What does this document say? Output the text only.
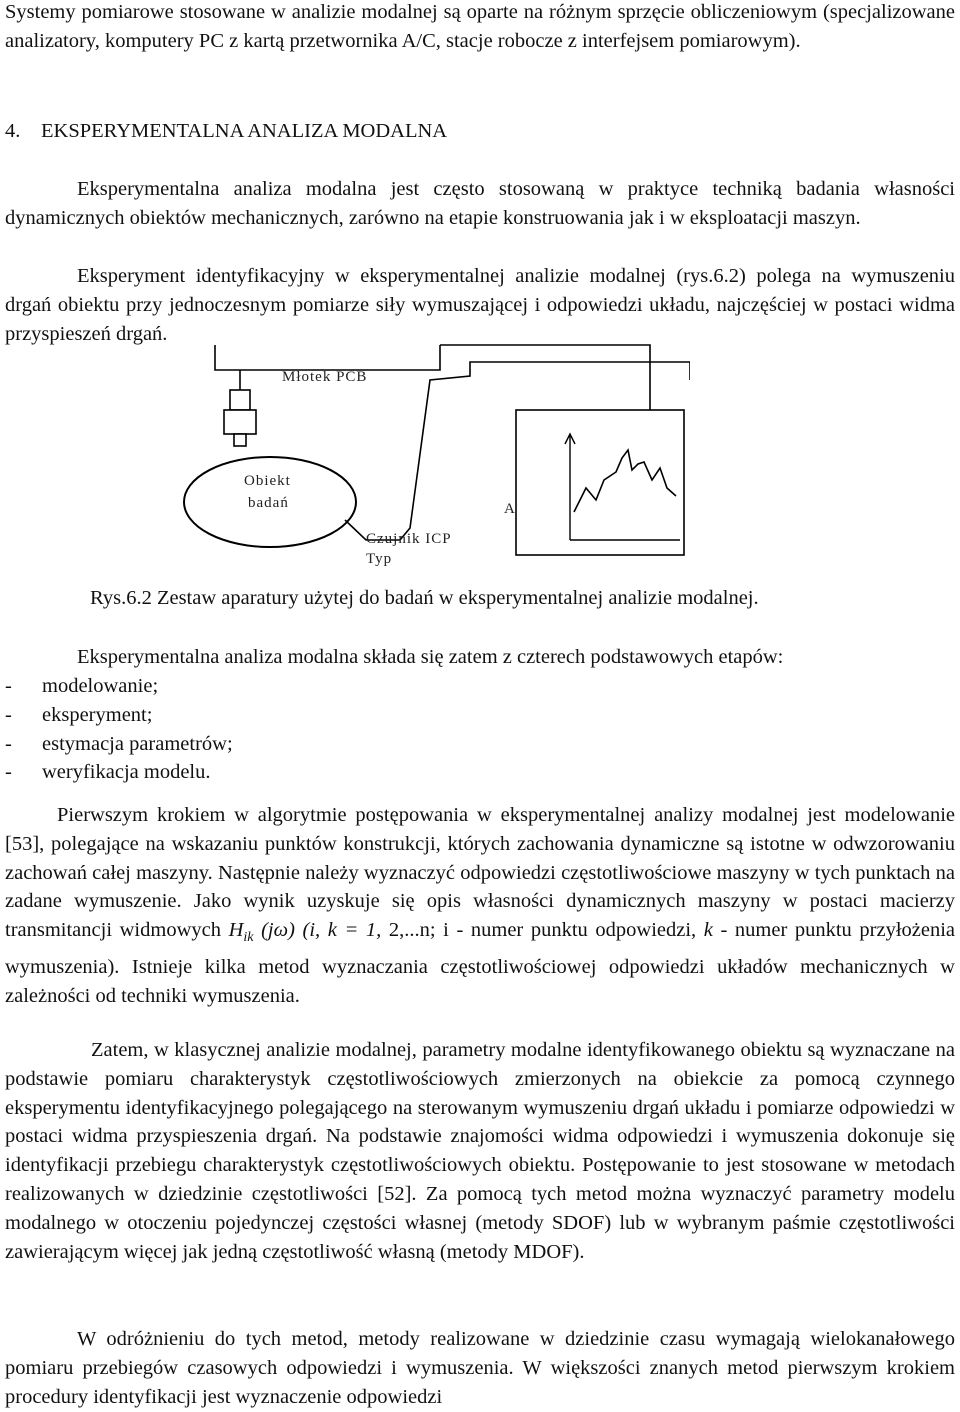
Systemy pomiarowe stosowane w analizie modalnej są oparte na różnym sprzęcie obliczeniowym (specjalizowane analizatory, komputery PC z kartą przetwornika A/C, stacje robocze z interfejsem pomiarowym).

4. EKSPERYMENTALNA ANALIZA MODALNA

Eksperymentalna analiza modalna jest często stosowaną w praktyce techniką badania własności dynamicznych obiektów mechanicznych, zarówno na etapie konstruowania jak i w eksploatacji maszyn.

Eksperyment identyfikacyjny w eksperymentalnej analizie modalnej (rys.6.2) polega na wymuszeniu drgań obiektu przy jednoczesnym pomiarze siły wymuszającej i odpowiedzi układu, najczęściej w postaci widma przyspieszeń drgań.

Młotek PCB
Obiekt
badań
Czujnik ICP
Typ
A

Rys.6.2 Zestaw aparatury użytej do badań w eksperymentalnej analizie modalnej.

Eksperymentalna analiza modalna składa się zatem z czterech podstawowych etapów:

- modelowanie;
- eksperyment;
- estymacja parametrów;
- weryfikacja modelu.

Pierwszym krokiem w algorytmie postępowania w eksperymentalnej analizy modalnej jest modelowanie [53], polegające na wskazaniu punktów konstrukcji, których zachowania dynamiczne są istotne w odwzorowaniu zachowań całej maszyny. Następnie należy wyznaczyć odpowiedzi częstotliwościowe maszyny w tych punktach na zadane wymuszenie. Jako wynik uzyskuje się opis własności dynamicznych maszyny w postaci macierzy transmitancji widmowych $H_{ik}$ (jω) (i, k = 1, 2,...n; i - numer punktu odpowiedzi, k - numer punktu przyłożenia wymuszenia). Istnieje kilka metod wyznaczania częstotliwościowej odpowiedzi układów mechanicznych w zależności od techniki wymuszenia.

Zatem, w klasycznej analizie modalnej, parametry modalne identyfikowanego obiektu są wyznaczane na podstawie pomiaru charakterystyk częstotliwościowych zmierzonych na obiekcie za pomocą czynnego eksperymentu identyfikacyjnego polegającego na sterowanym wymuszeniu drgań układu i pomiarze odpowiedzi w postaci widma przyspieszenia drgań. Na podstawie znajomości widma odpowiedzi i wymuszenia dokonuje się identyfikacji przebiegu charakterystyk częstotliwościowych obiektu. Postępowanie to jest stosowane w metodach realizowanych w dziedzinie częstotliwości [52]. Za pomocą tych metod można wyznaczyć parametry modelu modalnego w otoczeniu pojedynczej częstości własnej (metody SDOF) lub w wybranym paśmie częstotliwości zawierającym więcej jak jedną częstotliwość własną (metody MDOF).

W odróżnieniu do tych metod, metody realizowane w dziedzinie czasu wymagają wielokanałowego pomiaru przebiegów czasowych odpowiedzi i wymuszenia. W większości znanych metod pierwszym krokiem procedury identyfikacji jest wyznaczenie odpowiedzi
